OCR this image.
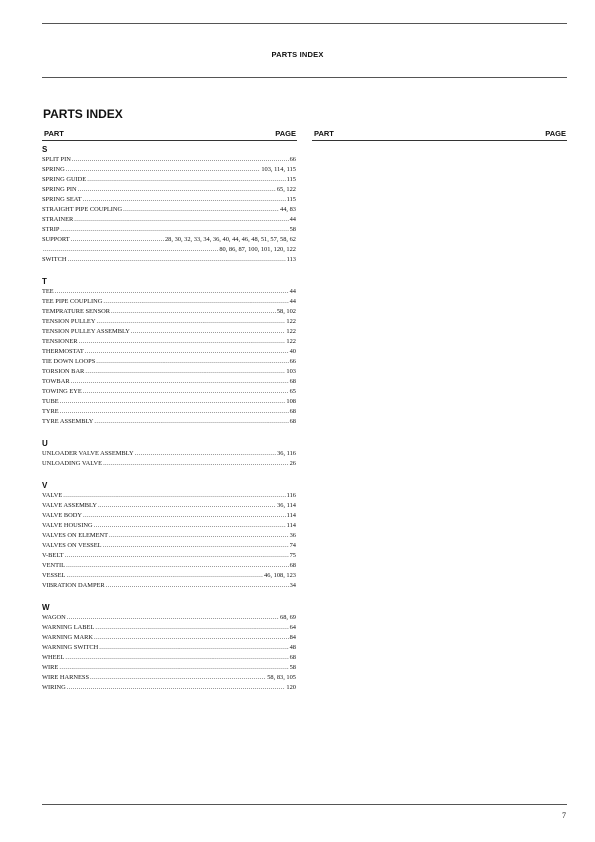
PARTS INDEX
PARTS INDEX
PART	PAGE PART	PAGE
S
SPLIT PIN .....	66
SPRING .....	103, 114, 115
SPRING GUIDE .....	115
SPRING PIN .....	65, 122
SPRING SEAT .....	115
STRAIGHT PIPE COUPLING .....	44, 83
STRAINER .....	44
STRIP .....	58
SUPPORT .....	28, 30, 32, 33, 34, 36, 40, 44, 46, 48, 51, 57, 58, 62
.....
80, 86, 87, 100, 101, 120, 122
SWITCH .....	113
T
TEE .....	44
TEE PIPE COUPLING .....	44
TEMPRATURE SENSOR .....	58, 102
TENSION PULLEY .....	122
TENSION PULLEY ASSEMBLY .....	122
TENSIONER .....	122
THERMOSTAT .....	40
TIE DOWN LOOPS .....	66
TORSION BAR .....	103
TOWBAR .....	68
TOWING EYE .....	65
TUBE .....	108
TYRE .....	68
TYRE ASSEMBLY .....	68
U
UNLOADER VALVE ASSEMBLY .....	36, 116
UNLOADING VALVE .....	26
V
VALVE .....	116
VALVE ASSEMBLY .....	36, 114
VALVE BODY .....	114
VALVE HOUSING .....	114
VALVES ON ELEMENT .....	36
VALVES ON VESSEL .....	74
V-BELT .....	75
VENTIL .....	68
VESSEL .....	46, 108, 123
VIBRATION DAMPER .....	34
W
WAGON .....	68, 69
WARNING LABEL .....	64
WARNING MARK .....	84
WARNING SWITCH .....	48
WHEEL .....	68
WIRE .....	58
WIRE HARNESS .....	58, 83, 105
WIRING .....	120
7
